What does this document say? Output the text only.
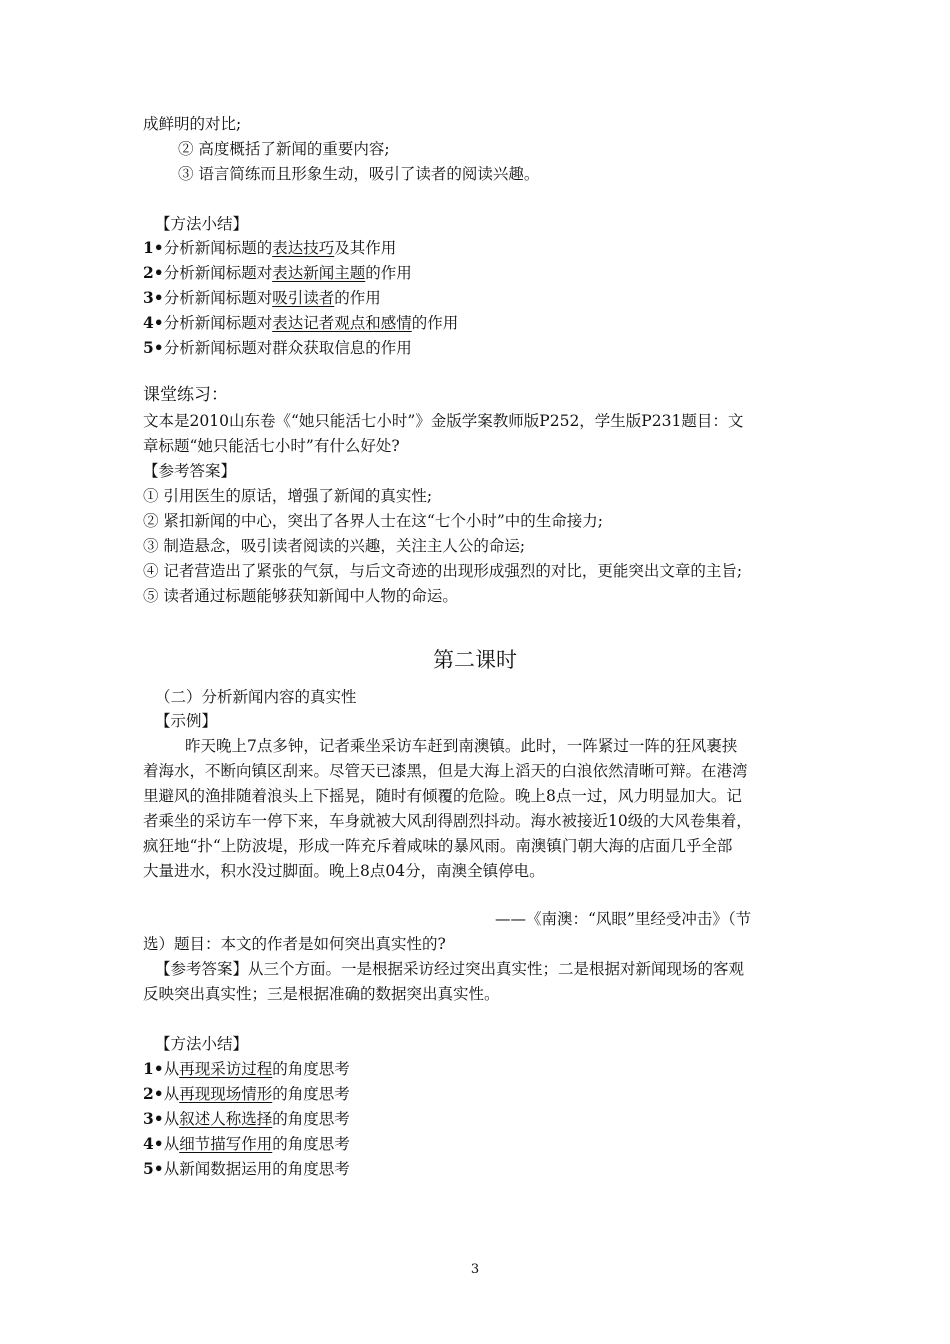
成鲜明的对比;
② 高度概括了新闻的重要内容;
③ 语言简练而且形象生动，吸引了读者的阅读兴趣。
【方法小结】
1•分析新闻标题的表达技巧及其作用
2•分析新闻标题对表达新闻主题的作用
3•分析新闻标题对吸引读者的作用
4•分析新闻标题对表达记者观点和感情的作用
5•分析新闻标题对群众获取信息的作用
课堂练习：
文本是2010山东卷《“她只能活七小时”》金版学案教师版P252，学生版P231题目：文
章标题“她只能活七小时”有什么好处?
【参考答案】
① 引用医生的原话，增强了新闻的真实性;
② 紧扣新闻的中心，突出了各界人士在这“七个小时”中的生命接力;
③ 制造悬念，吸引读者阅读的兴趣，关注主人公的命运;
④ 记者营造出了紧张的气氛，与后文奇迹的出现形成强烈的对比，更能突出文章的主旨;
⑤ 读者通过标题能够获知新闻中人物的命运。
第二课时
（二）分析新闻内容的真实性
【示例】
昨天晚上7点多钟，记者乘坐采访车赶到南澳镇。此时，一阵紧过一阵的狂风裹挟
着海水，不断向镇区刮来。尽管天已漆黑，但是大海上滔天的白浪依然清晰可辩。在港湾
里避风的渔排随着浪头上下摇晃，随时有倾覆的危险。晚上8点一过，风力明显加大。记
者乘坐的采访车一停下来，车身就被大风刮得剧烈抖动。海水被接近10级的大风卷集着，
疯狂地“扑“上防波堤，形成一阵充斥着咸味的暴风雨。南澳镇门朝大海的店面几乎全部
大量进水，积水没过脚面。晚上8点04分，南澳全镇停电。
——《南澳：“风眼”里经受冲击》（节
选）题目：本文的作者是如何突出真实性的?
【参考答案】从三个方面。一是根据采访经过突出真实性；二是根据对新闻现场的客观
反映突出真实性；三是根据准确的数据突出真实性。
【方法小结】
1•从再现采访过程的角度思考
2•从再现现场情形的角度思考
3•从叙述人称选择的角度思考
4•从细节描写作用的角度思考
5•从新闻数据运用的角度思考
3
